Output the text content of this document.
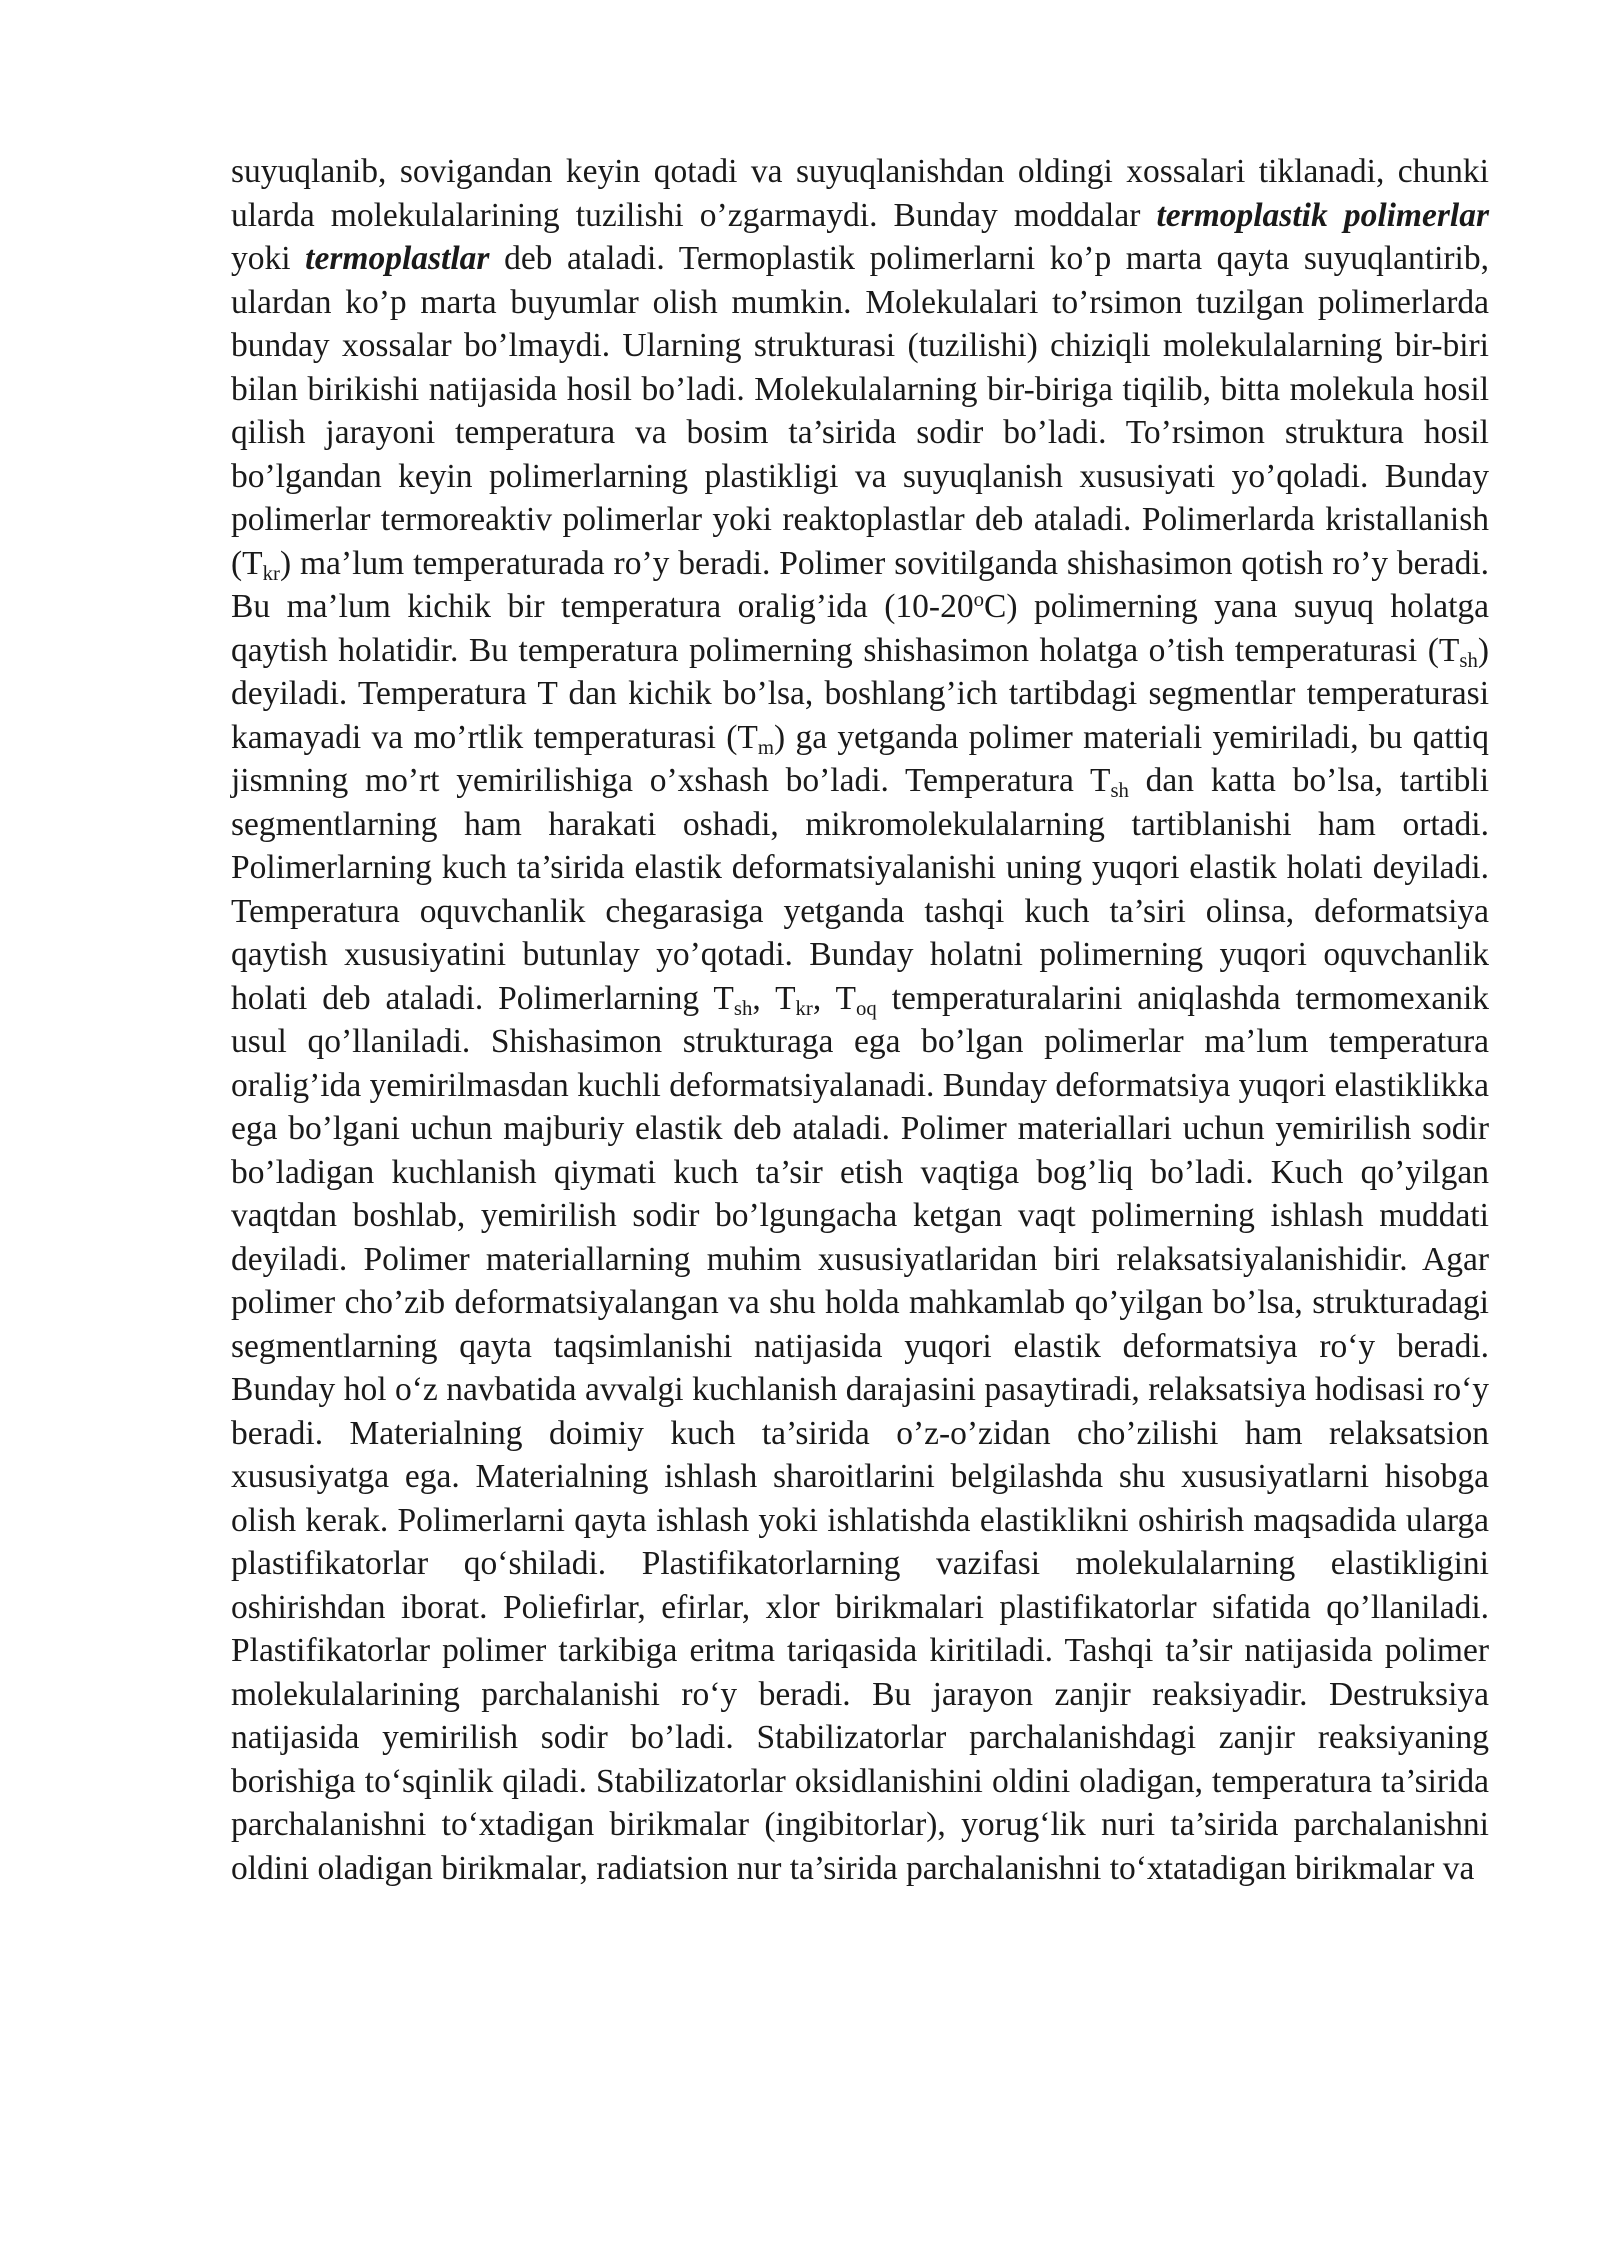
suyuqlanib, sovigandan keyin qotadi va suyuqlanishdan oldingi xossalari tiklanadi, chunki ularda molekulalarining tuzilishi o’zgarmaydi. Bunday moddalar termoplastik polimerlar yoki termoplastlar deb ataladi. Termoplastik polimerlarni ko’p marta qayta suyuqlantirib, ulardan ko’p marta buyumlar olish mumkin. Molekulalari to’rsimon tuzilgan polimerlarda bunday xossalar bo’lmaydi. Ularning strukturasi (tuzilishi) chiziqli molekulalarning bir-biri bilan birikishi natijasida hosil bo’ladi. Molekulalarning bir-biriga tiqilib, bitta molekula hosil qilish jarayoni temperatura va bosim ta’sirida sodir bo’ladi. To’rsimon struktura hosil bo’lgandan keyin polimerlarning plastikligi va suyuqlanish xususiyati yo’qoladi. Bunday polimerlar termoreaktiv polimerlar yoki reaktoplastlar deb ataladi. Polimerlarda kristallanish $(T_{kr})$ ma’lum temperaturada ro’y beradi. Polimer sovitilganda shishasimon qotish ro’y beradi. Bu ma’lum kichik bir temperatura oralig’ida (10-20$^o$C) polimerning yana suyuq holatga qaytish holatidir. Bu temperatura polimerning shishasimon holatga o’tish temperaturasi $(T_{sh})$ deyiladi. Temperatura T dan kichik bo’lsa, boshlang’ich tartibdagi segmentlar temperaturasi kamayadi va mo’rtlik temperaturasi $(T_m)$ ga yetganda polimer materiali yemiriladi, bu qattiq jismning mo’rt yemirilishiga o’xshash bo’ladi. Temperatura $T_{sh}$ dan katta bo’lsa, tartibli segmentlarning ham harakati oshadi, mikromolekulalarning tartiblanishi ham ortadi. Polimerlarning kuch ta’sirida elastik deformatsiyalanishi uning yuqori elastik holati deyiladi. Temperatura oquvchanlik chegarasiga yetganda tashqi kuch ta’siri olinsa, deformatsiya qaytish xususiyatini butunlay yo’qotadi. Bunday holatni polimerning yuqori oquvchanlik holati deb ataladi. Polimerlarning $T_{sh}$, $T_{kr}$, $T_{oq}$ temperaturalarini aniqlashda termomexanik usul qo’llaniladi. Shishasimon strukturaga ega bo’lgan polimerlar ma’lum temperatura oralig’ida yemirilmasdan kuchli deformatsiyalanadi. Bunday deformatsiya yuqori elastiklikka ega bo’lgani uchun majburiy elastik deb ataladi. Polimer materiallari uchun yemirilish sodir bo’ladigan kuchlanish qiymati kuch ta’sir etish vaqtiga bog’liq bo’ladi. Kuch qo’yilgan vaqtdan boshlab, yemirilish sodir bo’lgungacha ketgan vaqt polimerning ishlash muddati deyiladi. Polimer materiallarning muhim xususiyatlaridan biri relaksatsiyalanishidir. Agar polimer cho’zib deformatsiyalangan va shu holda mahkamlab qo’yilgan bo’lsa, strukturadagi segmentlarning qayta taqsimlanishi natijasida yuqori elastik deformatsiya ro‘y beradi. Bunday hol o‘z navbatida avvalgi kuchlanish darajasini pasaytiradi, relaksatsiya hodisasi ro‘y beradi. Materialning doimiy kuch ta’sirida o’z-o’zidan cho’zilishi ham relaksatsion xususiyatga ega. Materialning ishlash sharoitlarini belgilashda shu xususiyatlarni hisobga olish kerak. Polimerlarni qayta ishlash yoki ishlatishda elastiklikni oshirish maqsadida ularga plastifikatorlar qo‘shiladi. Plastifikatorlarning vazifasi molekulalarning elastikligini oshirishdan iborat. Poliefirlar, efirlar, xlor birikmalari plastifikatorlar sifatida qo’llaniladi. Plastifikatorlar polimer tarkibiga eritma tariqasida kiritiladi. Tashqi ta’sir natijasida polimer molekulalarining parchalanishi ro‘y beradi. Bu jarayon zanjir reaksiyadir. Destruksiya natijasida yemirilish sodir bo’ladi. Stabilizatorlar parchalanishdagi zanjir reaksiyaning borishiga to‘sqinlik qiladi. Stabilizatorlar oksidlanishini oldini oladigan, temperatura ta’sirida parchalanishni to‘xtadigan birikmalar (ingibitorlar), yorug‘lik nuri ta’sirida parchalanishni oldini oladigan birikmalar, radiatsion nur ta’sirida parchalanishni to‘xtatadigan birikmalar va
